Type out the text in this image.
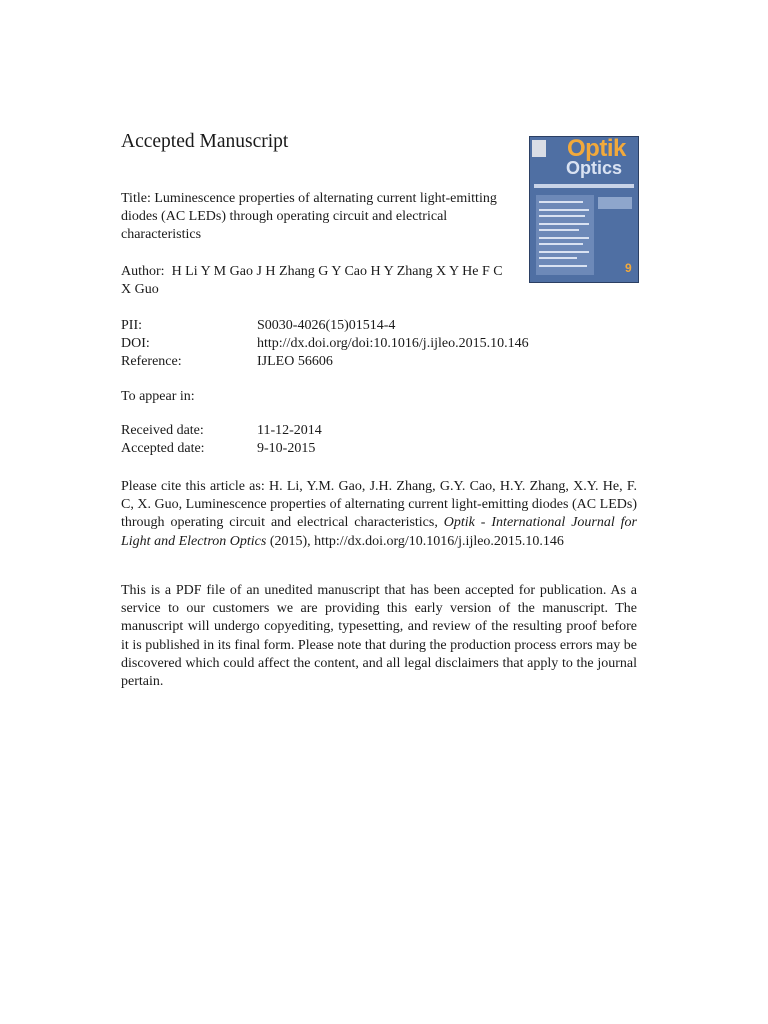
Accepted Manuscript	Optik
Optics
9
Title: Luminescence properties of alternating current light-emitting diodes (AC LEDs) through operating circuit and electrical characteristics
Author: H Li Y M Gao J H Zhang G Y Cao H Y Zhang X Y He F C X Guo
PII:	S0030-4026(15)01514-4
DOI:	http://dx.doi.org/doi:10.1016/j.ijleo.2015.10.146
Reference:	IJLEO 56606
To appear in:
Received date:	11-12-2014
Accepted date:	9-10-2015

Please cite this article as: H. Li, Y.M. Gao, J.H. Zhang, G.Y. Cao, H.Y. Zhang, X.Y. He, F. C, X. Guo, Luminescence properties of alternating current light-emitting diodes (AC LEDs) through operating circuit and electrical characteristics, Optik - International Journal for Light and Electron Optics (2015), http://dx.doi.org/10.1016/j.ijleo.2015.10.146

This is a PDF file of an unedited manuscript that has been accepted for publication. As a service to our customers we are providing this early version of the manuscript. The manuscript will undergo copyediting, typesetting, and review of the resulting proof before it is published in its final form. Please note that during the production process errors may be discovered which could affect the content, and all legal disclaimers that apply to the journal pertain.
